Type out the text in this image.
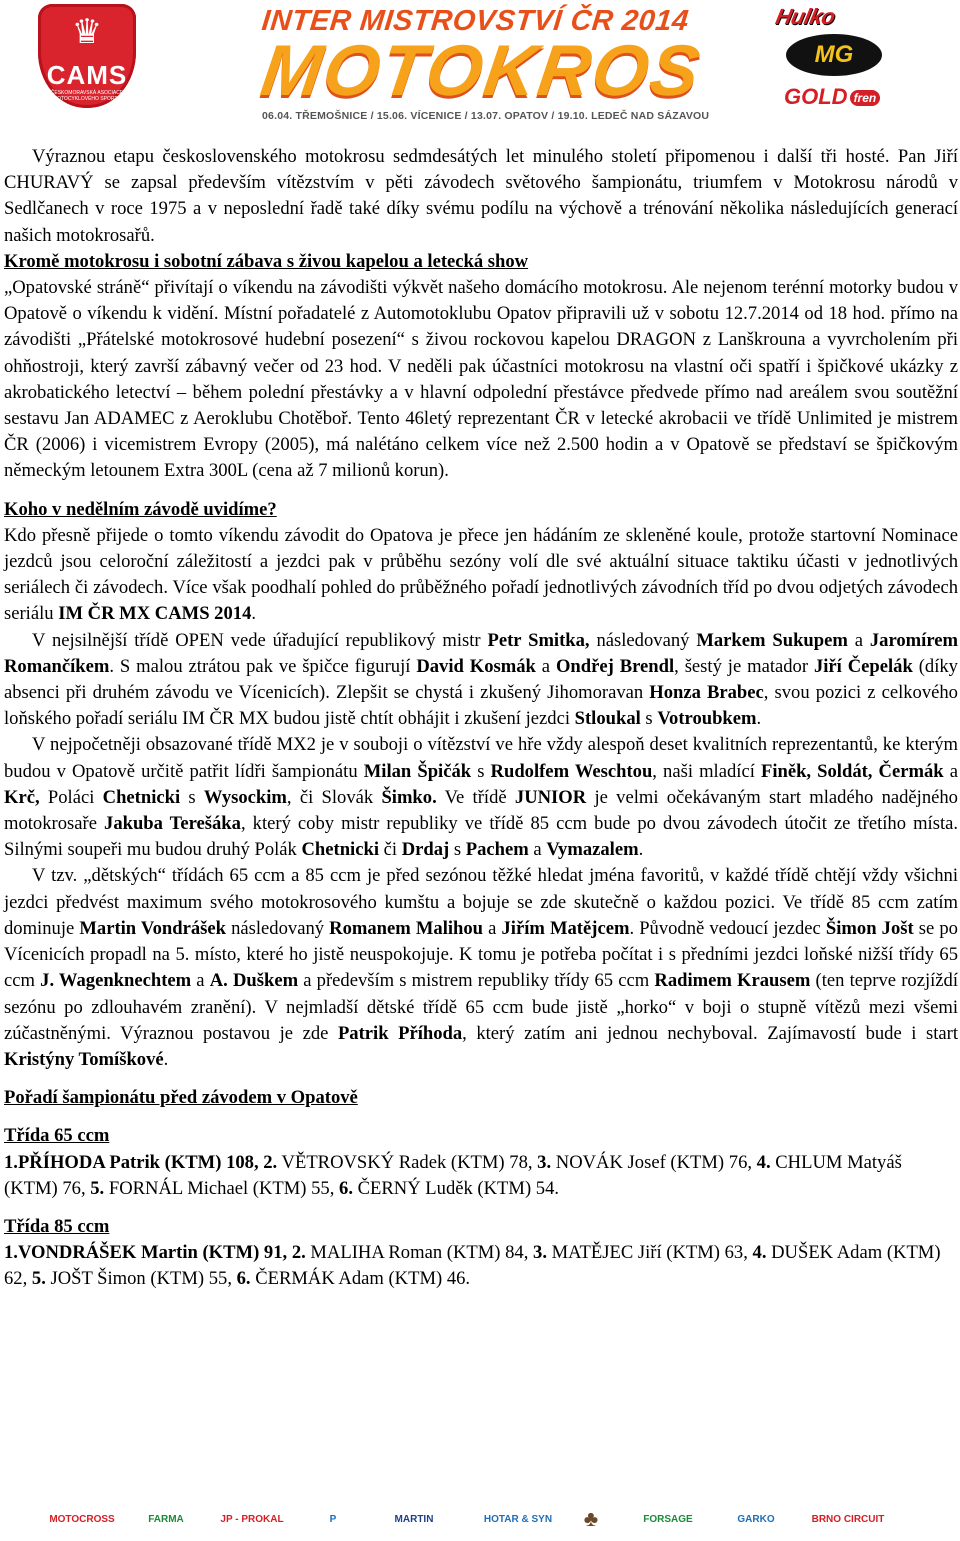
♛
CAMS
ČESKOMORAVSKÁ ASOCIACE MOTOCYKLOVÉHO SPORTU
INTER MISTROVSTVÍ ČR 2014
MOTOKROS
06.04. TŘEMOŠNICE / 15.06. VÍCENICE / 13.07. OPATOV / 19.10. LEDEČ NAD SÁZAVOU
Hulko
MG
GOLD fren

Výraznou etapu československého motokrosu sedmdesátých let minulého století připomenou i další tři hosté. Pan Jiří CHURAVÝ se zapsal především vítězstvím v pěti závodech světového šampionátu, triumfem v Motokrosu národů v Sedlčanech v roce 1975 a v neposlední řadě také díky svému podílu na výchově a trénování několika následujících generací našich motokrosařů.

Kromě motokrosu i sobotní zábava s živou kapelou a letecká show

„Opatovské stráně“ přivítají o víkendu na závodišti výkvět našeho domácího motokrosu. Ale nejenom terénní motorky budou v Opatově o víkendu k vidění. Místní pořadatelé z Automotoklubu Opatov připravili už v sobotu 12.7.2014 od 18 hod. přímo na závodišti „Přátelské motokrosové hudební posezení“ s živou rockovou kapelou DRAGON z Lanškrouna a vyvrcholením při ohňostroji, který završí zábavný večer od 23 hod. V neděli pak účastníci motokrosu na vlastní oči spatří i špičkové ukázky z akrobatického letectví – během polední přestávky a v hlavní odpolední přestávce předvede přímo nad areálem svou soutěžní sestavu Jan ADAMEC z Aeroklubu Chotěboř. Tento 46letý reprezentant ČR v letecké akrobacii ve třídě Unlimited je mistrem ČR (2006) i vicemistrem Evropy (2005), má nalétáno celkem více než 2.500 hodin a v Opatově se představí se špičkovým německým letounem Extra 300L (cena až 7 milionů korun).

Koho v nedělním závodě uvidíme?

Kdo přesně přijede o tomto víkendu závodit do Opatova je přece jen hádáním ze skleněné koule, protože startovní Nominace jezdců jsou celoroční záležitostí a jezdci pak v průběhu sezóny volí dle své aktuální situace taktiku účasti v jednotlivých seriálech či závodech. Více však poodhalí pohled do průběžného pořadí jednotlivých závodních tříd po dvou odjetých závodech seriálu IM ČR MX CAMS 2014.

V nejsilnější třídě OPEN vede úřadující republikový mistr Petr Smitka, následovaný Markem Sukupem a Jaromírem Romančíkem. S malou ztrátou pak ve špičce figurují David Kosmák a Ondřej Brendl, šestý je matador Jiří Čepelák (díky absenci při druhém závodu ve Vícenicích). Zlepšit se chystá i zkušený Jihomoravan Honza Brabec, svou pozici z celkového loňského pořadí seriálu IM ČR MX budou jistě chtít obhájit i zkušení jezdci Stloukal s Votroubkem.

V nejpočetněji obsazované třídě MX2 je v souboji o vítězství ve hře vždy alespoň deset kvalitních reprezentantů, ke kterým budou v Opatově určitě patřit lídři šampionátu Milan Špičák s Rudolfem Weschtou, naši mladící Finěk, Soldát, Čermák a Krč, Poláci Chetnicki s Wysockim, či Slovák Šimko. Ve třídě JUNIOR je velmi očekávaným start mladého nadějného motokrosaře Jakuba Terešáka, který coby mistr republiky ve třídě 85 ccm bude po dvou závodech útočit ze třetího místa. Silnými soupeři mu budou druhý Polák Chetnicki či Drdaj s Pachem a Vymazalem.

V tzv. „dětských“ třídách 65 ccm a 85 ccm je před sezónou těžké hledat jména favoritů, v každé třídě chtějí vždy všichni jezdci předvést maximum svého motokrosového kumštu a bojuje se zde skutečně o každou pozici. Ve třídě 85 ccm zatím dominuje Martin Vondrášek následovaný Romanem Malihou a Jiřím Matějcem. Původně vedoucí jezdec Šimon Jošt se po Vícenicích propadl na 5. místo, které ho jistě neuspokojuje. K tomu je potřeba počítat i s předními jezdci loňské nižší třídy 65 ccm J. Wagenknechtem a A. Duškem a především s mistrem republiky třídy 65 ccm Radimem Krausem (ten teprve rozjíždí sezónu po zdlouhavém zranění). V nejmladší dětské třídě 65 ccm bude jistě „horko“ v boji o stupně vítězů mezi všemi zúčastněnými. Výraznou postavou je zde Patrik Příhoda, který zatím ani jednou nechyboval. Zajímavostí bude i start Kristýny Tomíškové.

Pořadí šampionátu před závodem v Opatově

Třída 65 ccm

1.PŘÍHODA Patrik (KTM) 108, 2. VĚTROVSKÝ Radek (KTM) 78, 3. NOVÁK Josef (KTM) 76, 4. CHLUM Matyáš (KTM) 76, 5. FORNÁL Michael (KTM) 55, 6. ČERNÝ Luděk (KTM) 54.

Třída 85 ccm

1.VONDRÁŠEK Martin (KTM) 91, 2. MALIHA Roman (KTM) 84, 3. MATĚJEC Jiří (KTM) 63, 4. DUŠEK Adam (KTM) 62, 5. JOŠT Šimon (KTM) 55, 6. ČERMÁK Adam (KTM) 46.

MOTOCROSS	FARMA	JP - PROKAL	P	MARTIN	HOTAR & SYN ♣	FORSAGE	GARKO	BRNO CIRCUIT
